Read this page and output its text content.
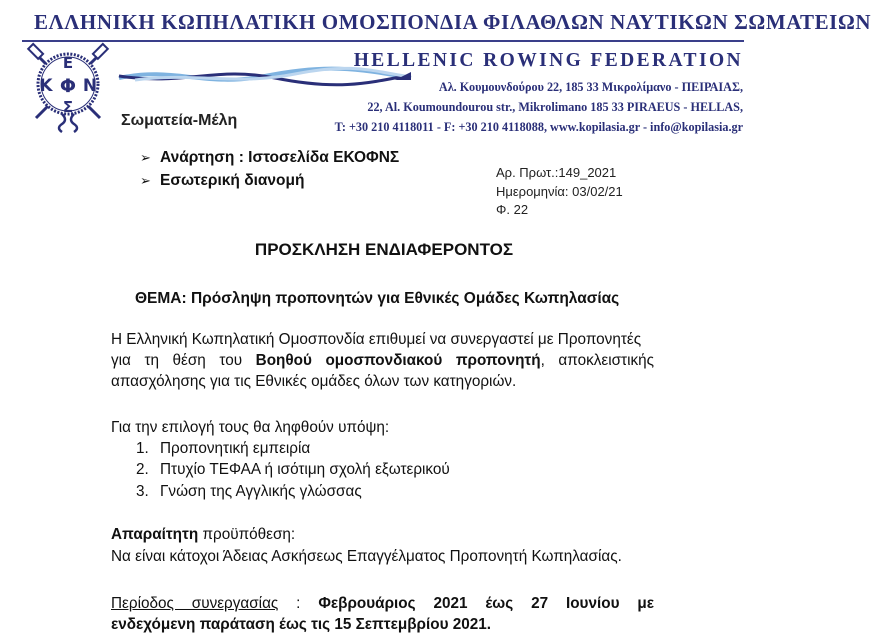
ΕΛΛΗΝΙΚΗ ΚΩΠΗΛΑΤΙΚΗ ΟΜΟΣΠΟΝΔΙΑ ΦΙΛΑΘΛΩΝ ΝΑΥΤΙΚΩΝ ΣΩΜΑΤΕΙΩΝ
Ε
Κ Φ Ν
Σ
HELLENIC ROWING FEDERATION
Αλ. Κουμουνδούρου 22, 185 33 Μικρολίμανο - ΠΕΙΡΑΙΑΣ,
22, Al. Koumoundourou str., Mikrolimano 185 33 PIRAEUS - HELLAS,
T: +30 210 4118011 - F: +30 210 4118088, www.kopilasia.gr - info@kopilasia.gr
Σωματεία-Μέλη
➢ Ανάρτηση : Ιστοσελίδα ΕΚΟΦΝΣ
➢ Εσωτερική διανομή	Αρ. Πρωτ.:149_2021
Ημερομηνία: 03/02/21
Φ. 22
ΠΡΟΣΚΛΗΣΗ ΕΝΔΙΑΦΕΡΟΝΤΟΣ
ΘΕΜΑ: Πρόσληψη προπονητών για Εθνικές Ομάδες Κωπηλασίας
Η Ελληνική Κωπηλατική Ομοσπονδία επιθυμεί να συνεργαστεί με Προπονητές
για τη θέση του Βοηθού ομοσπονδιακού προπονητή, αποκλειστικής
απασχόλησης για τις Εθνικές ομάδες όλων των κατηγοριών.
Για την επιλογή τους θα ληφθούν υπόψη:
1. Προπονητική εμπειρία
2. Πτυχίο ΤΕΦΑΑ ή ισότιμη σχολή εξωτερικού
3. Γνώση της Αγγλικής γλώσσας
Απαραίτητη προϋπόθεση:
Να είναι κάτοχοι Άδειας Ασκήσεως Επαγγέλματος Προπονητή Κωπηλασίας.
Περίοδος συνεργασίας : Φεβρουάριος 2021 έως 27 Ιουνίου με
ενδεχόμενη παράταση έως τις 15 Σεπτεμβρίου 2021.
